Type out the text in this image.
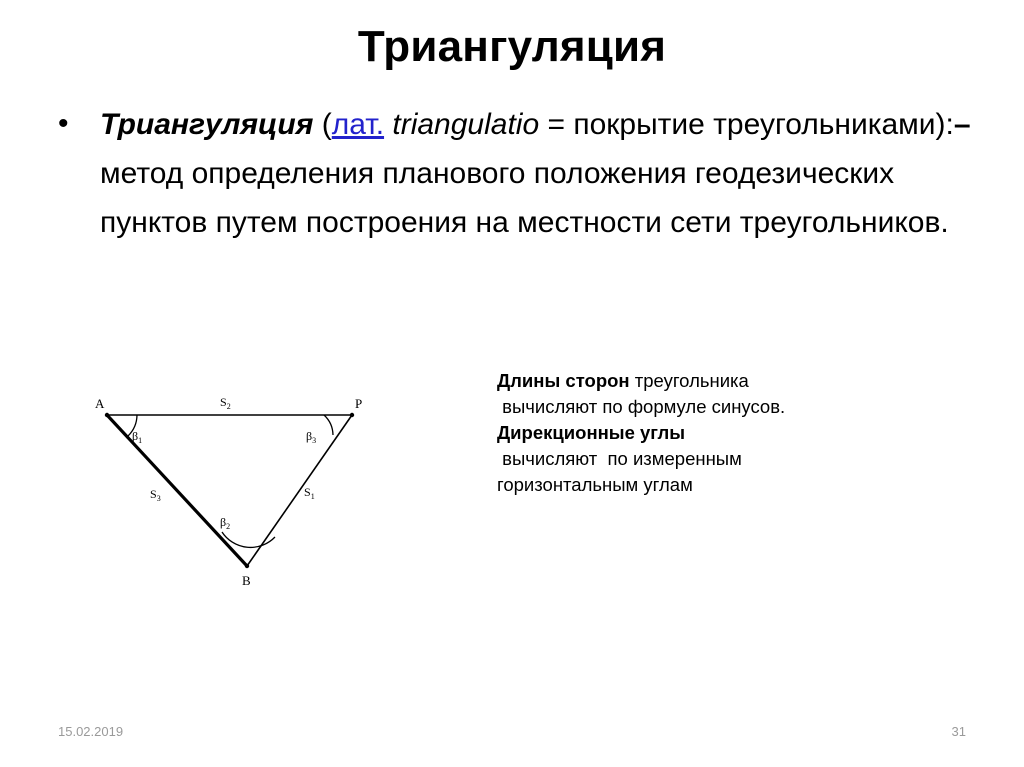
Триангуляция
•	Триангуляция (лат. triangulatio = покрытие треугольниками):– метод определения планового положения геодезических пунктов путем построения на местности сети треугольников.
A	P
B
$S_2$
$S_1$
$S_3$
$\beta_1$	$\beta_3$
$\beta_2$
Длины сторон треугольника
вычисляют по формуле синусов.
Дирекционные углы
вычисляют  по измеренным
горизонтальным углам
15.02.2019	31
